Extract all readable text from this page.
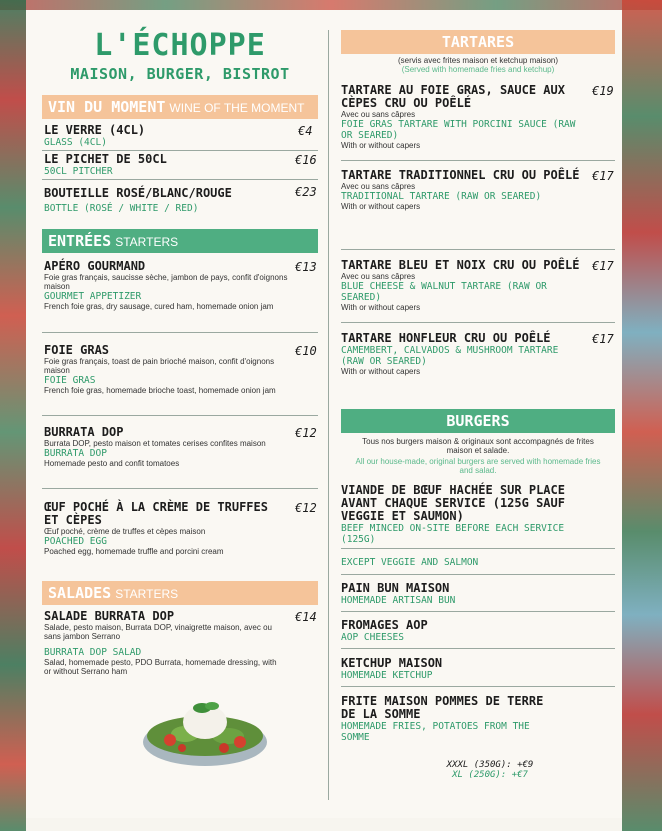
L'ÉCHOPPE
MAISON, BURGER, BISTROT
VIN DU MOMENT WINE OF THE MOMENT
LE VERRE (4CL)
GLASS (4CL)
€4
LE PICHET DE 50CL
50CL PITCHER
€16
BOUTEILLE ROSÉ/BLANC/ROUGE
BOTTLE (ROSÉ / WHITE / RED)
€23
ENTRÉES STARTERS
APÉRO GOURMAND
Foie gras français, saucisse sèche, jambon de pays, confit d'oignons maison
GOURMET APPETIZER
French foie gras, dry sausage, cured ham, homemade onion jam
€13
FOIE GRAS
Foie gras français, toast de pain brioché maison, confit d'oignons maison
FOIE GRAS
French foie gras, homemade brioche toast, homemade onion jam
€10
BURRATA DOP
Burrata DOP, pesto maison et tomates cerises confites maison
BURRATA DOP
Homemade pesto and confit tomatoes
€12
ŒUF POCHÉ À LA CRÈME DE TRUFFES ET CÈPES
Œuf poché, crème de truffes et cèpes maison
POACHED EGG
Poached egg, homemade truffle and porcini cream
€12
SALADES STARTERS
SALADE BURRATA DOP
Salade, pesto maison, Burrata DOP, vinaigrette maison, avec ou sans jambon Serrano
BURRATA DOP SALAD
Salad, homemade pesto, PDO Burrata, homemade dressing, with or without Serrano ham
€14
TARTARES
(servis avec frites maison et ketchup maison)
(Served with homemade fries and ketchup)
TARTARE AU FOIE GRAS, SAUCE AUX CÈPES CRU OU POÊLÉ
Avec ou sans câpres
FOIE GRAS TARTARE WITH PORCINI SAUCE (RAW OR SEARED)
With or without capers
€19
TARTARE TRADITIONNEL CRU OU POÊLÉ
Avec ou sans câpres
TRADITIONAL TARTARE (RAW OR SEARED)
With or without capers
€17
TARTARE BLEU ET NOIX CRU OU POÊLÉ
Avec ou sans câpres
BLUE CHEESE & WALNUT TARTARE (RAW OR SEARED)
With or without capers
€17
TARTARE HONFLEUR CRU OU POÊLÉ
CAMEMBERT, CALVADOS & MUSHROOM TARTARE (RAW OR SEARED)
With or without capers
€17
BURGERS
Tous nos burgers maison & originaux sont accompagnés de frites maison et salade.
All our house-made, original burgers are served with homemade fries and salad.
VIANDE DE BŒUF HACHÉE SUR PLACE AVANT CHAQUE SERVICE (125G SAUF VEGGIE ET SAUMON)
BEEF MINCED ON-SITE BEFORE EACH SERVICE (125G)
EXCEPT VEGGIE AND SALMON
PAIN BUN MAISON
HOMEMADE ARTISAN BUN
FROMAGES AOP
AOP CHEESES
KETCHUP MAISON
HOMEMADE KETCHUP
FRITE MAISON POMMES DE TERRE DE LA SOMME
HOMEMADE FRIES, POTATOES FROM THE SOMME
XXXL (350G): +€9
XL (250G): +€7
